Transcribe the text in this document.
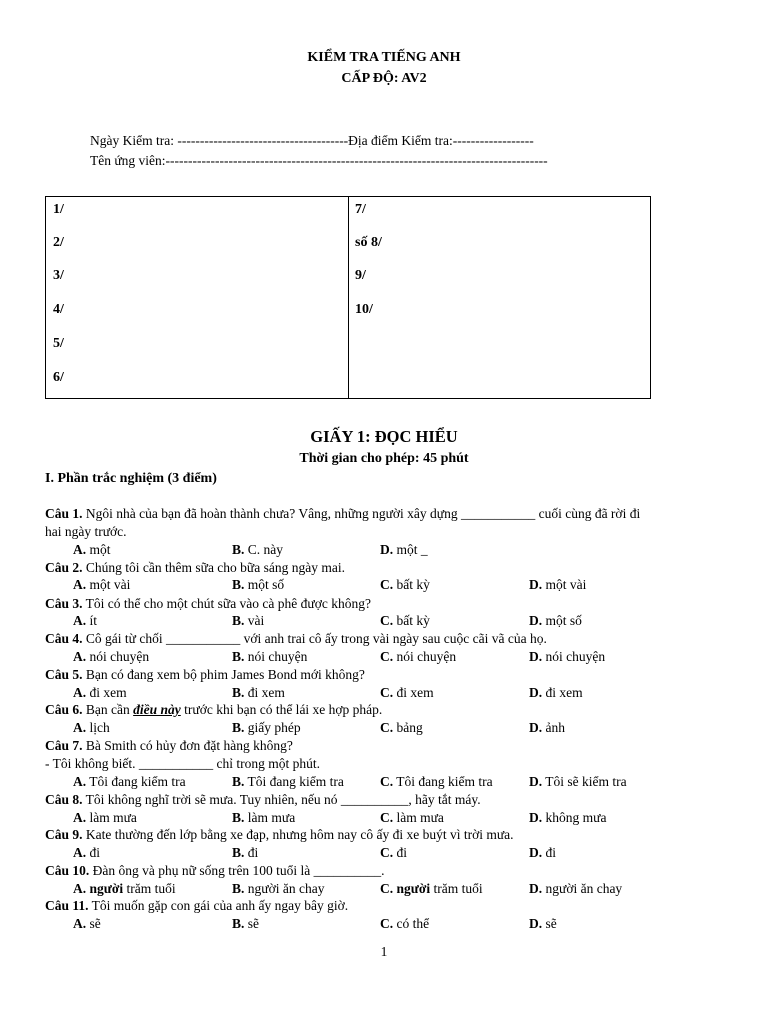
KIỂM TRA TIẾNG ANH
CẤP ĐỘ: AV2
Ngày Kiểm tra: --------------------------------------Địa điểm Kiểm tra:------------------
Tên ứng viên:-------------------------------------------------------------------------------------
1/
2/
3/
4/
5/
6/
7/
số 8/
9/
10/
GIẤY 1: ĐỌC HIỂU
Thời gian cho phép: 45 phút
I. Phần trắc nghiệm (3 điểm)
Câu 1. Ngôi nhà của bạn đã hoàn thành chưa? Vâng, những người xây dựng ___________ cuối cùng đã rời đi
hai ngày trước.
A. một	B. C. này	D. một _
Câu 2. Chúng tôi cần thêm sữa cho bữa sáng ngày mai.
A. một vài	B. một số	C. bất kỳ	D. một vài
Câu 3. Tôi có thể cho một chút sữa vào cà phê được không?
A. ít	B. vài	C. bất kỳ	D. một số
Câu 4. Cô gái từ chối ___________ với anh trai cô ấy trong vài ngày sau cuộc cãi vã của họ.
A. nói chuyện	B. nói chuyện	C. nói chuyện	D. nói chuyện
Câu 5. Bạn có đang xem bộ phim James Bond mới không?
A. đi xem	B. đi xem	C. đi xem	D. đi xem
Câu 6. Bạn cần điều này trước khi bạn có thể lái xe hợp pháp.
A. lịch	B. giấy phép	C. bảng	D. ảnh
Câu 7. Bà Smith có hủy đơn đặt hàng không?
- Tôi không biết. ___________ chỉ trong một phút.
A. Tôi đang kiểm tra	B. Tôi đang kiểm tra	C. Tôi đang kiểm tra	D. Tôi sẽ kiểm tra
Câu 8. Tôi không nghĩ trời sẽ mưa. Tuy nhiên, nếu nó __________, hãy tắt máy.
A. làm mưa	B. làm mưa	C. làm mưa	D. không mưa
Câu 9. Kate thường đến lớp bằng xe đạp, nhưng hôm nay cô ấy đi xe buýt vì trời mưa.
A. đi	B. đi	C. đi	D. đi
Câu 10. Đàn ông và phụ nữ sống trên 100 tuổi là __________.
A. người trăm tuổi	B. người ăn chay	C. người trăm tuổi	D. người ăn chay
Câu 11. Tôi muốn gặp con gái của anh ấy ngay bây giờ.
A. sẽ	B. sẽ	C. có thể	D. sẽ
1
